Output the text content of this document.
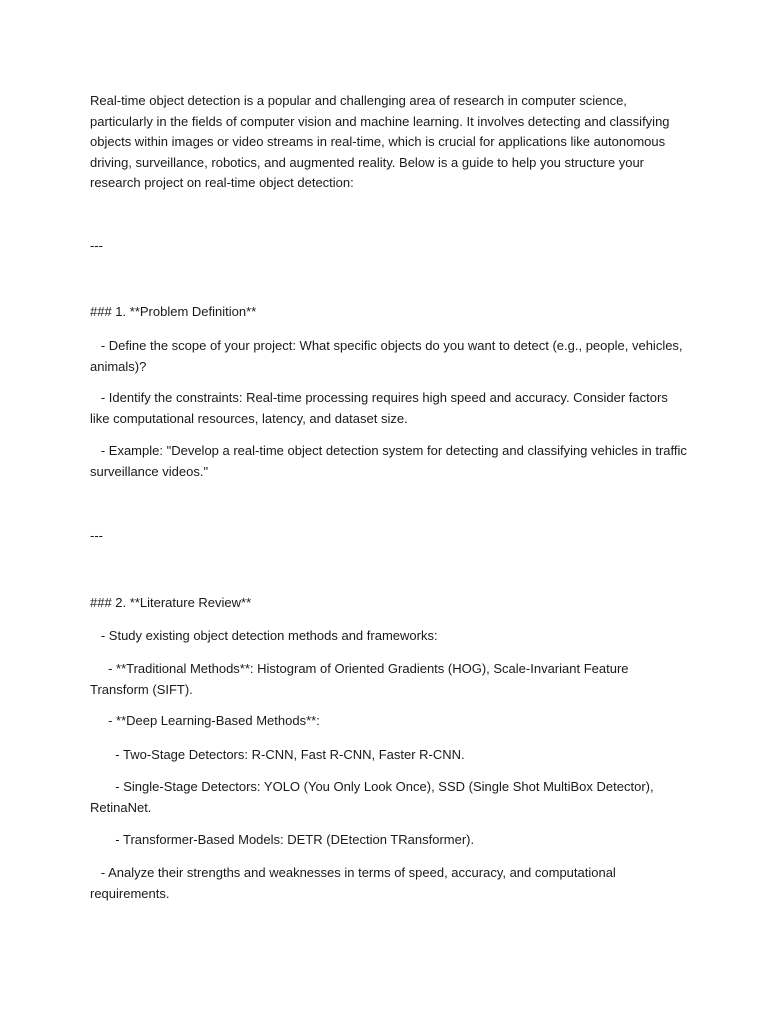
Real-time object detection is a popular and challenging area of research in computer science, particularly in the fields of computer vision and machine learning. It involves detecting and classifying objects within images or video streams in real-time, which is crucial for applications like autonomous driving, surveillance, robotics, and augmented reality. Below is a guide to help you structure your research project on real-time object detection:

---

### 1. **Problem Definition**

- Define the scope of your project: What specific objects do you want to detect (e.g., people, vehicles, animals)?

- Identify the constraints: Real-time processing requires high speed and accuracy. Consider factors like computational resources, latency, and dataset size.

- Example: "Develop a real-time object detection system for detecting and classifying vehicles in traffic surveillance videos."

---

### 2. **Literature Review**

- Study existing object detection methods and frameworks:

- **Traditional Methods**: Histogram of Oriented Gradients (HOG), Scale-Invariant Feature Transform (SIFT).

- **Deep Learning-Based Methods**:

- Two-Stage Detectors: R-CNN, Fast R-CNN, Faster R-CNN.

- Single-Stage Detectors: YOLO (You Only Look Once), SSD (Single Shot MultiBox Detector), RetinaNet.

- Transformer-Based Models: DETR (DEtection TRansformer).

- Analyze their strengths and weaknesses in terms of speed, accuracy, and computational requirements.
